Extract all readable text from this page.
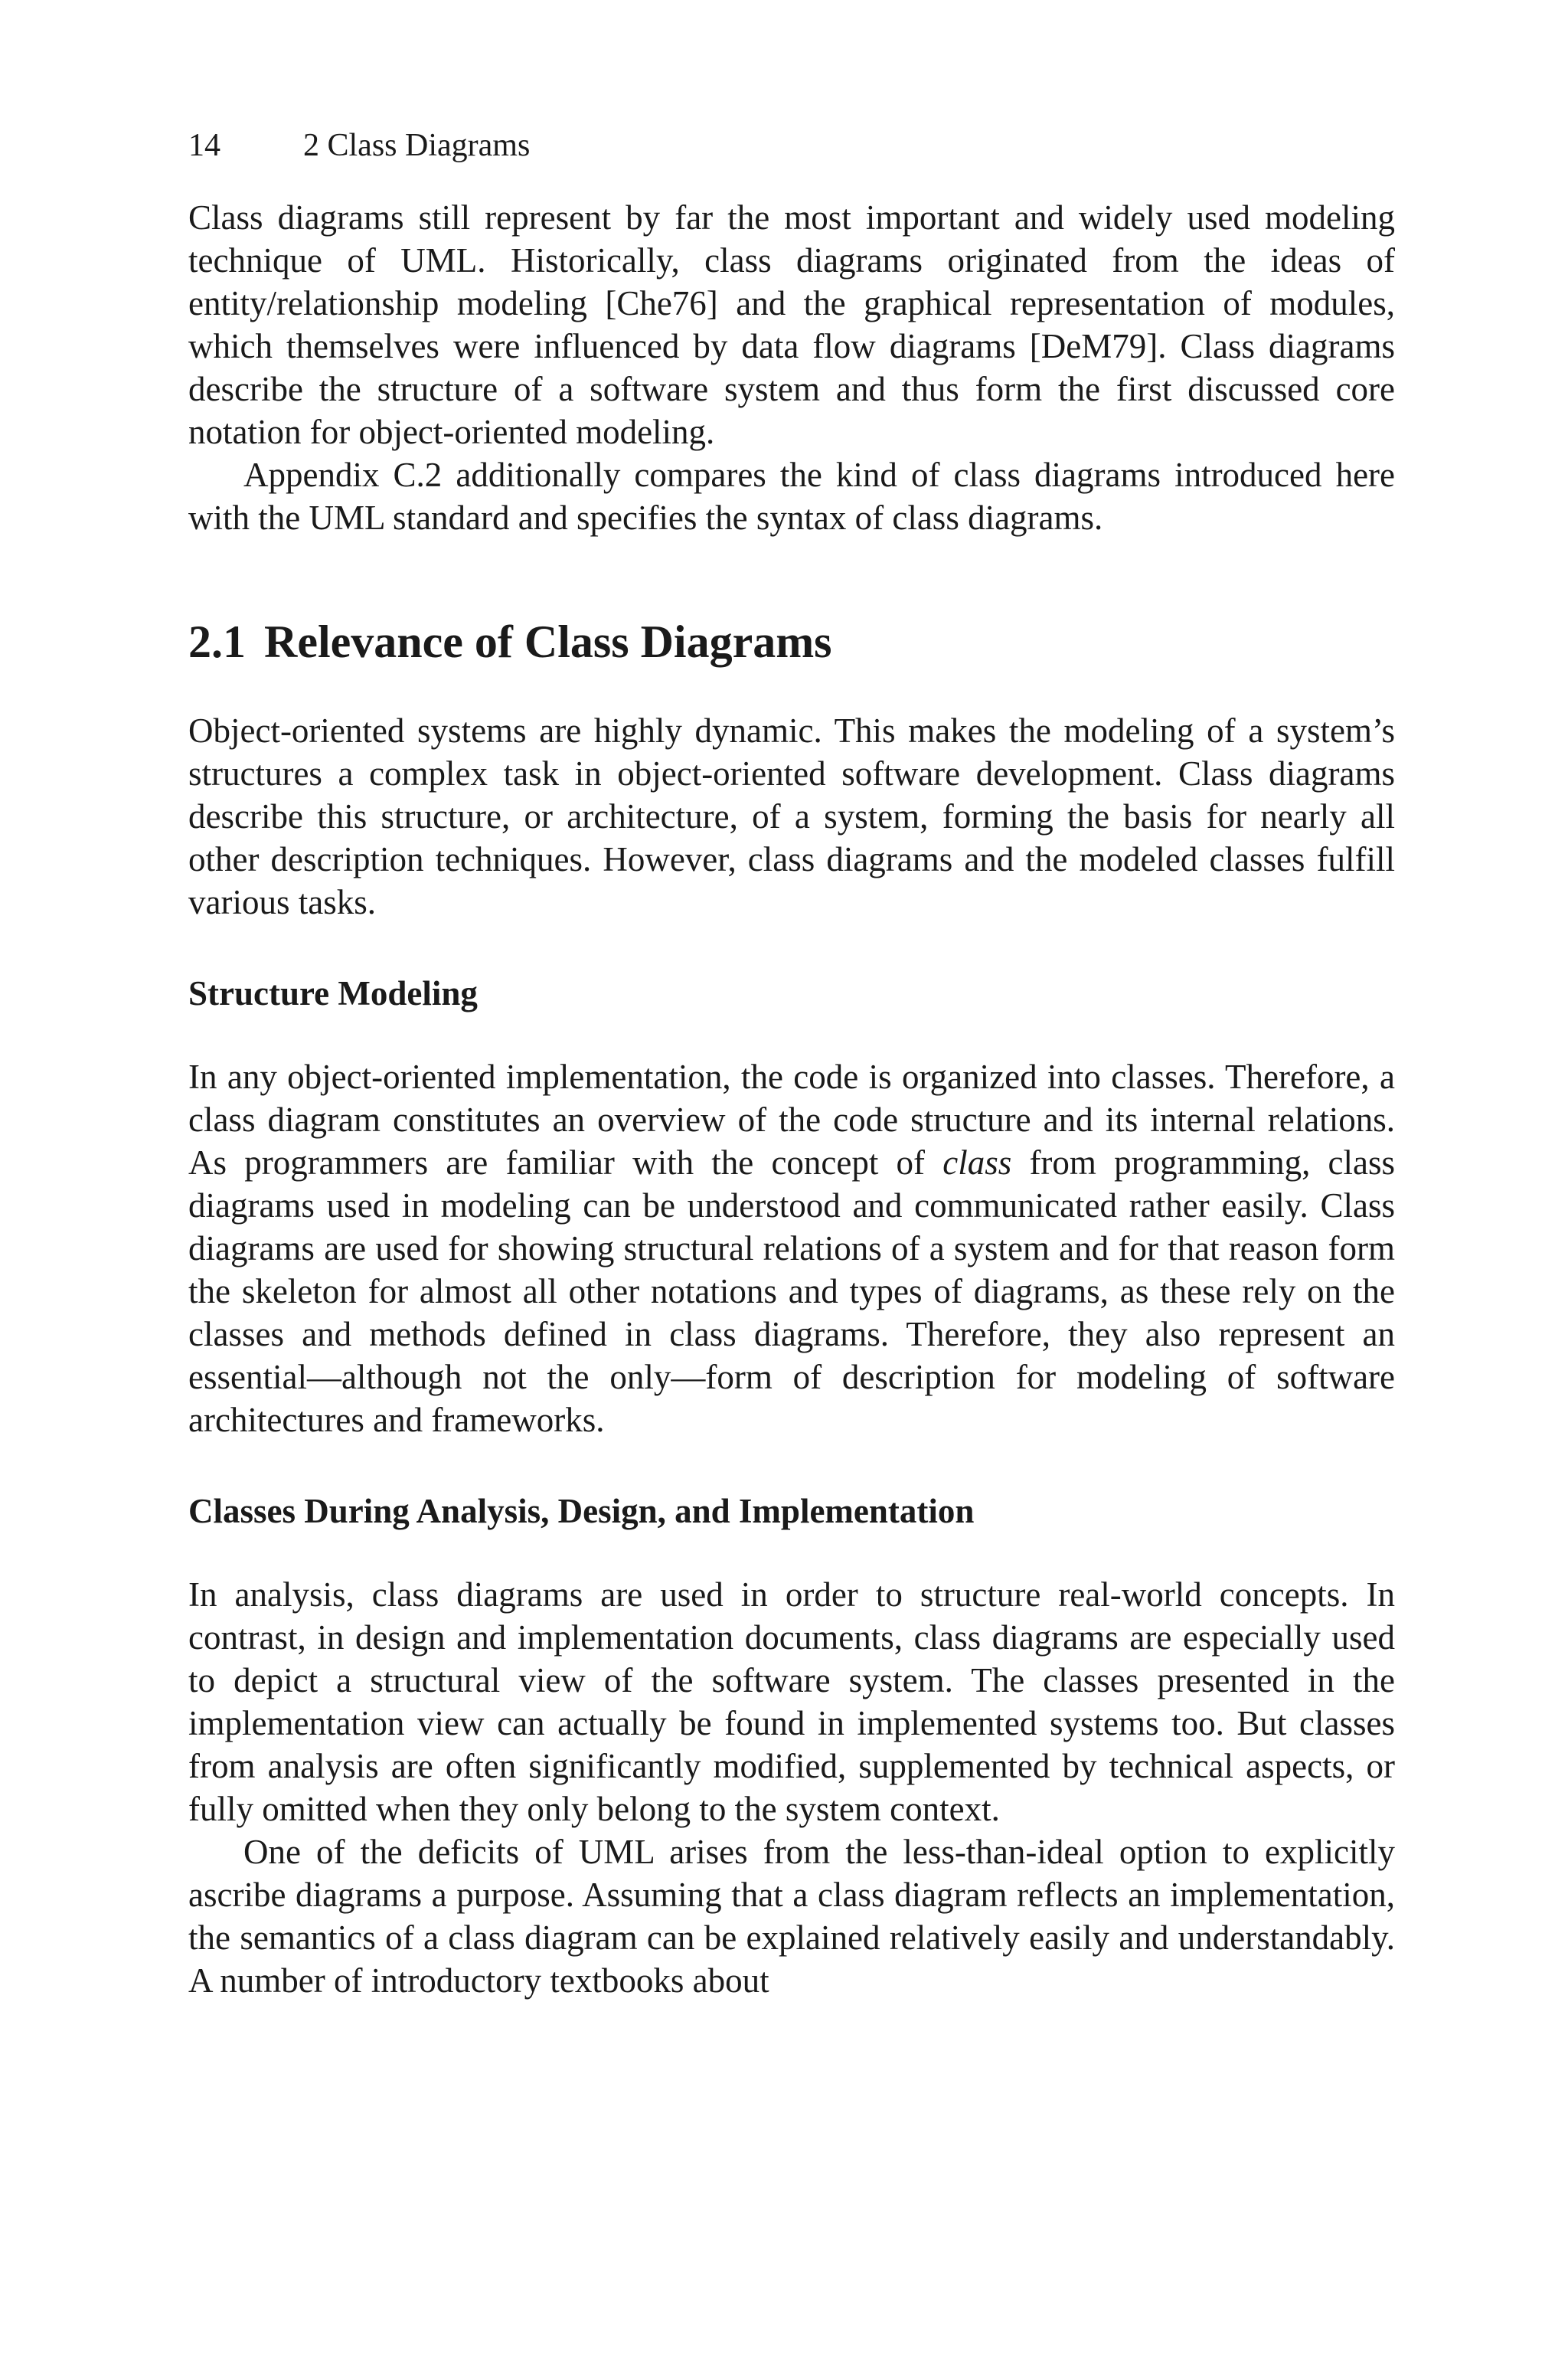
14	2 Class Diagrams

Class diagrams still represent by far the most important and widely used modeling technique of UML. Historically, class diagrams originated from the ideas of entity/relationship modeling [Che76] and the graphical representation of modules, which themselves were influenced by data flow diagrams [DeM79]. Class diagrams describe the structure of a software system and thus form the first discussed core notation for object-oriented modeling.

Appendix C.2 additionally compares the kind of class diagrams introduced here with the UML standard and specifies the syntax of class diagrams.

2.1 Relevance of Class Diagrams

Object-oriented systems are highly dynamic. This makes the modeling of a system’s structures a complex task in object-oriented software development. Class diagrams describe this structure, or architecture, of a system, forming the basis for nearly all other description techniques. However, class diagrams and the modeled classes fulfill various tasks.

Structure Modeling

In any object-oriented implementation, the code is organized into classes. Therefore, a class diagram constitutes an overview of the code structure and its internal relations. As programmers are familiar with the concept of class from programming, class diagrams used in modeling can be understood and communicated rather easily. Class diagrams are used for showing structural relations of a system and for that reason form the skeleton for almost all other notations and types of diagrams, as these rely on the classes and methods defined in class diagrams. Therefore, they also represent an essential—although not the only—form of description for modeling of software architectures and frameworks.

Classes During Analysis, Design, and Implementation

In analysis, class diagrams are used in order to structure real-world concepts. In contrast, in design and implementation documents, class diagrams are especially used to depict a structural view of the software system. The classes presented in the implementation view can actually be found in implemented systems too. But classes from analysis are often significantly modified, supplemented by technical aspects, or fully omitted when they only belong to the system context.

One of the deficits of UML arises from the less-than-ideal option to explicitly ascribe diagrams a purpose. Assuming that a class diagram reflects an implementation, the semantics of a class diagram can be explained relatively easily and understandably. A number of introductory textbooks about
